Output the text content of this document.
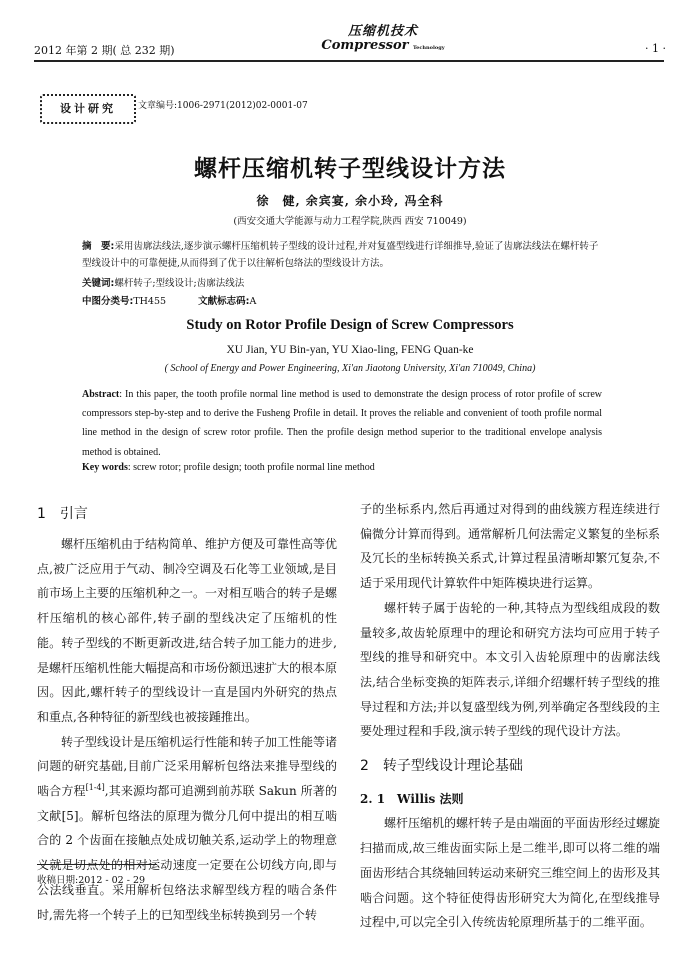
2012 年第 2 期( 总 232 期)
压缩机技术
Compressor Technology	· 1 ·
设计研究	文章编号:1006-2971(2012)02-0001-07
螺杆压缩机转子型线设计方法
徐　健, 余宾宴, 余小玲, 冯全科
(西安交通大学能源与动力工程学院,陕西 西安 710049)
摘　要:采用齿廓法线法,逐步演示螺杆压缩机转子型线的设计过程,并对复盛型线进行详细推导,验证了齿廓法线法在螺杆转子型线设计中的可靠便捷,从而得到了优于以往解析包络法的型线设计方法。
关键词:螺杆转子;型线设计;齿廓法线法
中图分类号:TH455	文献标志码:A
Study on Rotor Profile Design of Screw Compressors
XU Jian, YU Bin-yan, YU Xiao-ling, FENG Quan-ke
( School of Energy and Power Engineering, Xi'an Jiaotong University, Xi'an 710049, China)
Abstract: In this paper, the tooth profile normal line method is used to demonstrate the design process of rotor profile of screw compressors step-by-step and to derive the Fusheng Profile in detail. It proves the reliable and convenient of tooth profile normal line method in the design of screw rotor profile. Then the profile design method superior to the traditional envelope analysis method is obtained.
Key words: screw rotor; profile design; tooth profile normal line method
1　引言

螺杆压缩机由于结构简单、维护方便及可靠性高等优点,被广泛应用于气动、制冷空调及石化等工业领域,是目前市场上主要的压缩机种之一。一对相互啮合的转子是螺杆压缩机的核心部件,转子副的型线决定了压缩机的性能。转子型线的不断更新改进,结合转子加工能力的进步,是螺杆压缩机性能大幅提高和市场份额迅速扩大的根本原因。因此,螺杆转子的型线设计一直是国内外研究的热点和重点,各种特征的新型线也被接踵推出。

转子型线设计是压缩机运行性能和转子加工性能等诸问题的研究基础,目前广泛采用解析包络法来推导型线的啮合方程[1-4],其来源均都可追溯到前苏联 Sakun 所著的文献[5]。解析包络法的原理为微分几何中提出的相互啮合的 2 个齿面在接触点处成切触关系,运动学上的物理意义就是切点处的相对运动速度一定要在公切线方向,即与公法线垂直。采用解析包络法求解型线方程的啮合条件时,需先将一个转子上的已知型线坐标转换到另一个转

子的坐标系内,然后再通过对得到的曲线簇方程连续进行偏微分计算而得到。通常解析几何法需定义繁复的坐标系及冗长的坐标转换关系式,计算过程虽清晰却繁冗复杂,不适于采用现代计算软件中矩阵模块进行运算。

螺杆转子属于齿轮的一种,其特点为型线组成段的数量较多,故齿轮原理中的理论和研究方法均可应用于转子型线的推导和研究中。本文引入齿轮原理中的齿廓法线法,结合坐标变换的矩阵表示,详细介绍螺杆转子型线的推导过程和方法;并以复盛型线为例,列举确定各型线段的主要处理过程和手段,演示转子型线的现代设计方法。

2　转子型线设计理论基础

2. 1　Willis 法则

螺杆压缩机的螺杆转子是由端面的平面齿形经过螺旋扫描而成,故三维齿面实际上是二维半,即可以将二维的端面齿形结合其绕轴回转运动来研究三维空间上的齿形及其啮合问题。这个特征使得齿形研究大为简化,在型线推导过程中,可以完全引入传统齿轮原理所基于的二维平面。

收稿日期:2012 - 02 - 29
